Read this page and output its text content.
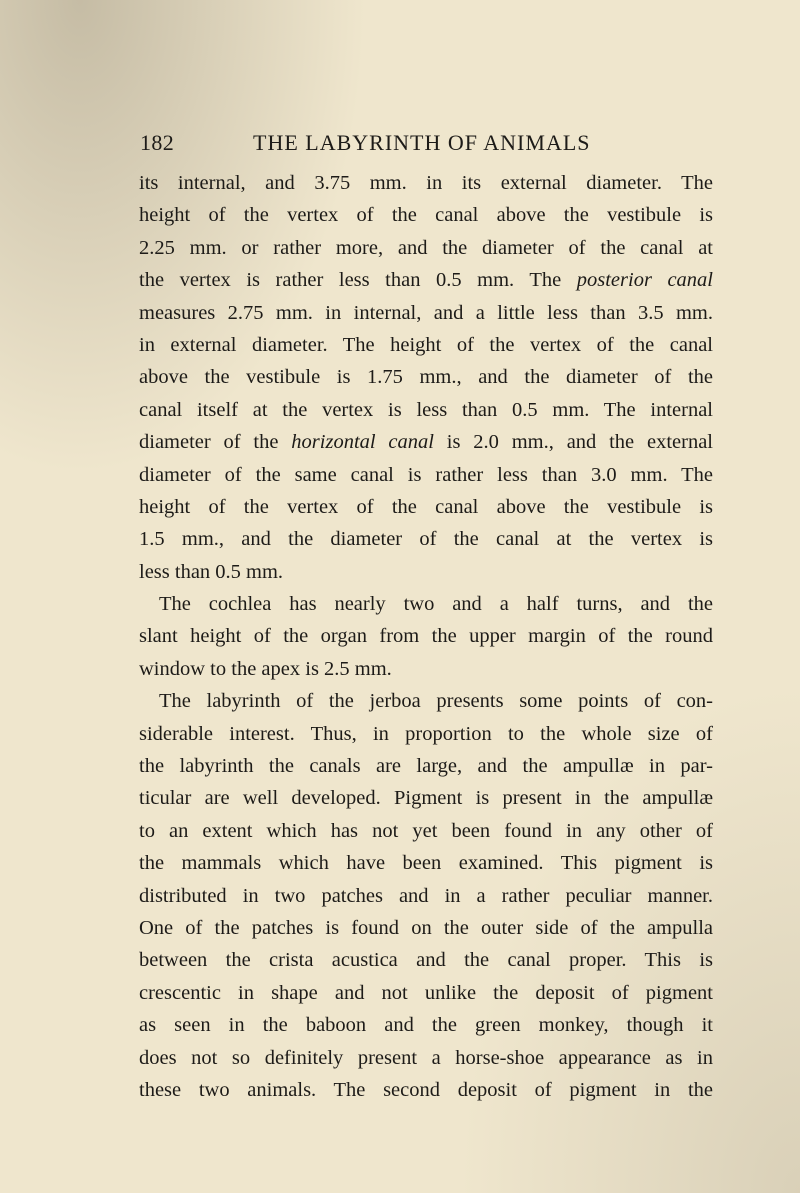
182	THE LABYRINTH OF ANIMALS
its internal, and 3.75 mm. in its external diameter. The
height of the vertex of the canal above the vestibule is
2.25 mm. or rather more, and the diameter of the canal at
the vertex is rather less than 0.5 mm. The posterior canal
measures 2.75 mm. in internal, and a little less than 3.5 mm.
in external diameter. The height of the vertex of the canal
above the vestibule is 1.75 mm., and the diameter of the
canal itself at the vertex is less than 0.5 mm. The internal
diameter of the horizontal canal is 2.0 mm., and the external
diameter of the same canal is rather less than 3.0 mm. The
height of the vertex of the canal above the vestibule is
1.5 mm., and the diameter of the canal at the vertex is
less than 0.5 mm.
The cochlea has nearly two and a half turns, and the
slant height of the organ from the upper margin of the round
window to the apex is 2.5 mm.
The labyrinth of the jerboa presents some points of con-
siderable interest. Thus, in proportion to the whole size of
the labyrinth the canals are large, and the ampullæ in par-
ticular are well developed. Pigment is present in the ampullæ
to an extent which has not yet been found in any other of
the mammals which have been examined. This pigment is
distributed in two patches and in a rather peculiar manner.
One of the patches is found on the outer side of the ampulla
between the crista acustica and the canal proper. This is
crescentic in shape and not unlike the deposit of pigment
as seen in the baboon and the green monkey, though it
does not so definitely present a horse-shoe appearance as in
these two animals. The second deposit of pigment in the
